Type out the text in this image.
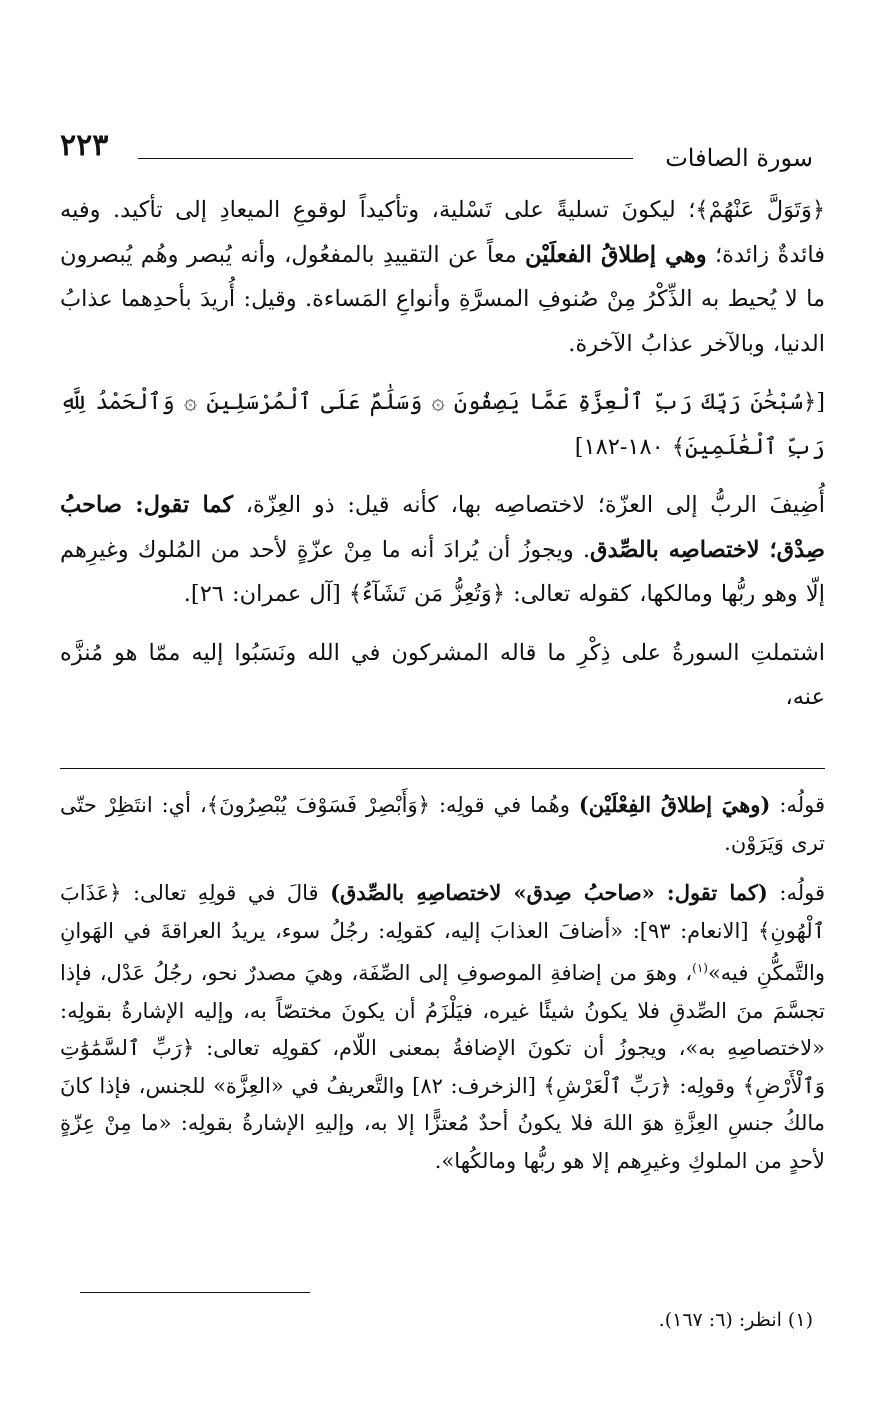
سورة الصافات
٢٢٣

﴿وَتَوَلَّ عَنْهُمْ﴾؛ ليكونَ تسليةً على تَسْلية، وتأكيداً لوقوعِ الميعادِ إلى تأكيد. وفيه فائدةٌ زائدة؛ وهي إطلاقُ الفعلَيْن معاً عن التقييدِ بالمفعُول، وأنه يُبصر وهُم يُبصرون ما لا يُحيط به الذِّكْرُ مِنْ صُنوفِ المسرَّةِ وأنواعِ المَساءة. وقيل: أُريدَ بأحدِهما عذابُ الدنيا، وبالآخر عذابُ الآخرة.

[﴿سُبْحَٰنَ رَبِّكَ رَبِّ ٱلْعِزَّةِ عَمَّا يَصِفُونَ ۞ وَسَلَٰمٌ عَلَى ٱلْمُرْسَلِينَ ۞ وَٱلْحَمْدُ لِلَّهِ رَبِّ ٱلْعَٰلَمِينَ﴾ ١٨٠-١٨٢]

أُضِيفَ الربُّ إلى العزّة؛ لاختصاصِه بها، كأنه قيل: ذو العِزّة، كما تقول: صاحبُ صِدْق؛ لاختصاصِه بالصِّدق. ويجوزُ أن يُرادَ أنه ما مِنْ عزّةٍ لأحد من المُلوك وغيرِهم إلّا وهو ربُّها ومالكها، كقوله تعالى: ﴿وَتُعِزُّ مَن تَشَآءُ﴾ [آل عمران: ٢٦].

اشتملتِ السورةُ على ذِكْرِ ما قاله المشركون في الله ونَسَبُوا إليه ممّا هو مُنزَّه عنه،

قولُه: (وهيَ إطلاقُ الفِعْلَيْن) وهُما في قولِه: ﴿وَأَبْصِرْ فَسَوْفَ يُبْصِرُونَ﴾، أي: انتَظِرْ حتّى ترى وَيَرَوْن.

قولُه: (كما تقول: «صاحبُ صِدق» لاختصاصِهِ بالصِّدق) قالَ في قولِهِ تعالى: ﴿عَذَابَ ٱلْهُونِ﴾ [الانعام: ٩٣]: «أضافَ العذابَ إليه، كقولِه: رجُلُ سوء، يريدُ العراقةَ في الهَوانِ والتَّمكُّنِ فيه»$^{(١)}$، وهوَ من إضافةِ الموصوفِ إلى الصِّفَة، وهيَ مصدرٌ نحو، رجُلُ عَدْل، فإذا تجسَّمَ منَ الصِّدقِ فلا يكونُ شيئًا غيره، فيَلْزَمُ أن يكونَ مختصّاً به، وإليه الإشارةُ بقولِه: «لاختصاصِهِ به»، ويجوزُ أن تكونَ الإضافةُ بمعنى اللّام، كقولِه تعالى: ﴿رَبِّ ٱلسَّمَٰوَٰتِ وَٱلْأَرْضِ﴾ وقولِه: ﴿رَبِّ ٱلْعَرْشِ﴾ [الزخرف: ٨٢] والتَّعريفُ في «العِزَّة» للجنس، فإذا كانَ مالكُ جنسِ العِزَّةِ هوَ اللهَ فلا يكونُ أحدٌ مُعتزًّا إلا به، وإليهِ الإشارةُ بقولِه: «ما مِنْ عِزّةٍ لأحدٍ من الملوكِ وغيرِهم إلا هو ربُّها ومالكُها».

(١) انظر: (٦: ١٦٧).
